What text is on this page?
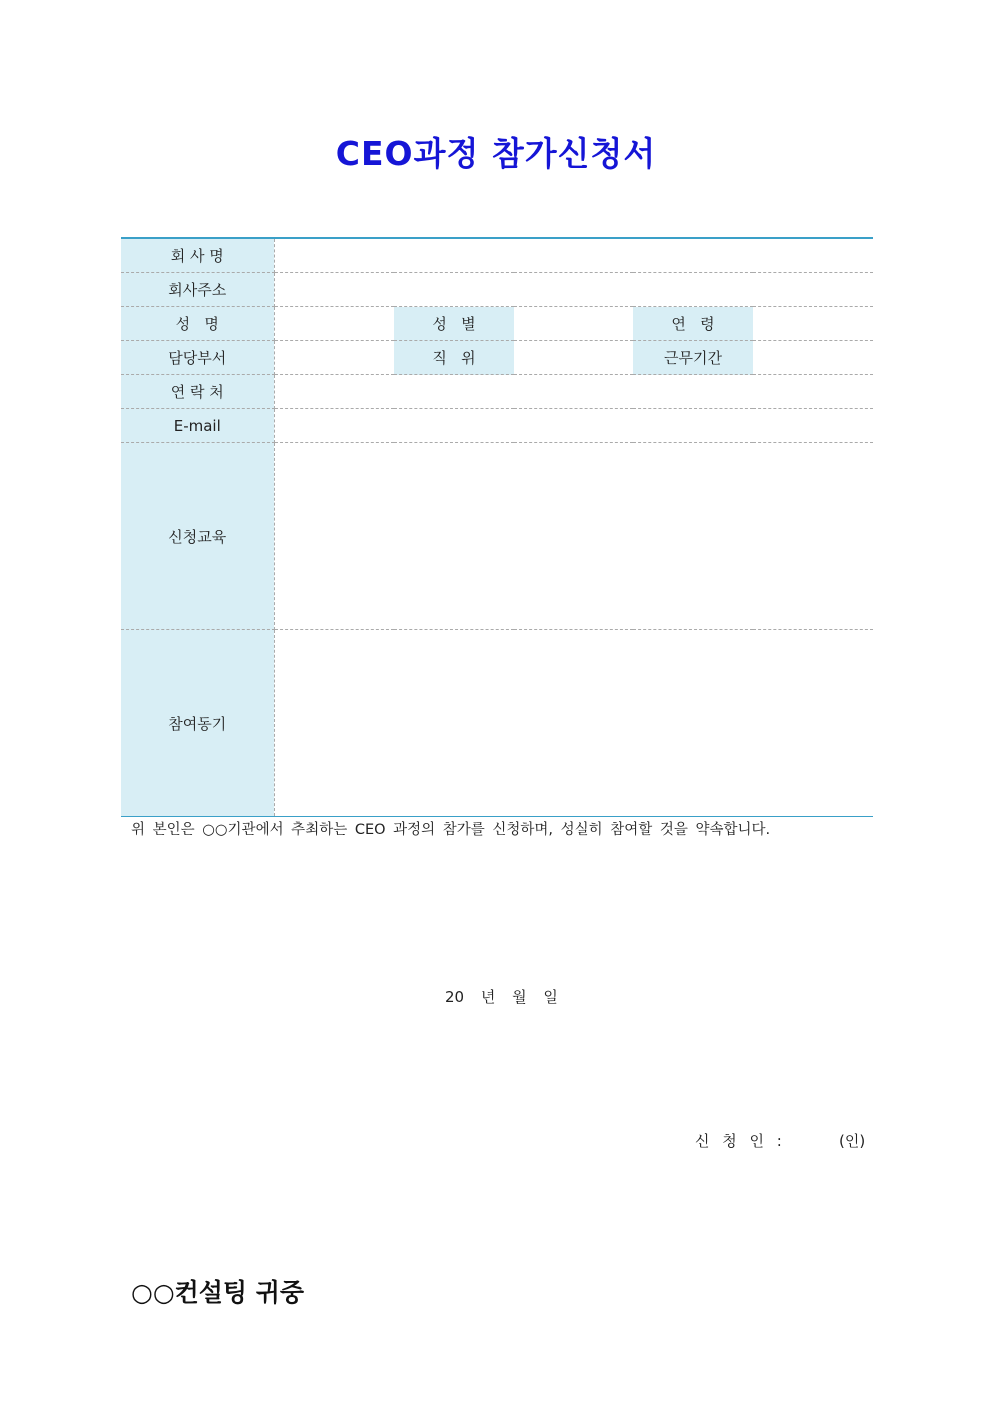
CEO과정 참가신청서
회 사 명					
회사주소					
성   명		성   별		연   령	
담당부서		직   위		근무기간	
연 락 처					
E-mail					
신청교육					
참여동기					
위 본인은 ○○기관에서 추최하는 CEO 과정의 참가를 신청하며, 성실히 참여할 것을 약속합니다.
20 년 월 일
신 청 인 :	(인)
○○컨설팅 귀중
